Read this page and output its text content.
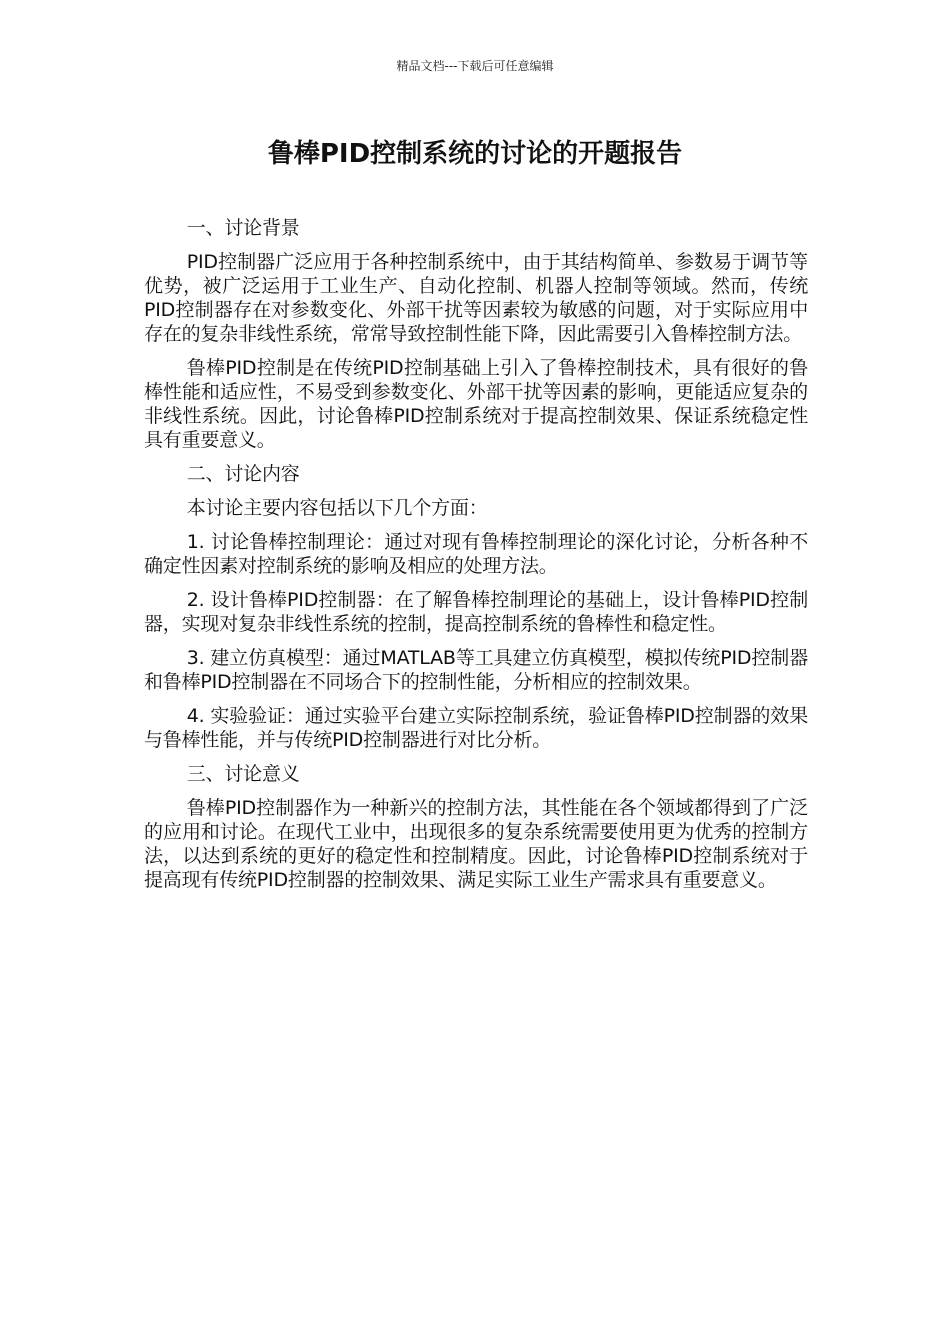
精品文档---下载后可任意编辑
鲁棒PID控制系统的讨论的开题报告

一、讨论背景

PID控制器广泛应用于各种控制系统中，由于其结构简单、参数易于调节等优势，被广泛运用于工业生产、自动化控制、机器人控制等领域。然而，传统PID控制器存在对参数变化、外部干扰等因素较为敏感的问题，对于实际应用中存在的复杂非线性系统，常常导致控制性能下降，因此需要引入鲁棒控制方法。

鲁棒PID控制是在传统PID控制基础上引入了鲁棒控制技术，具有很好的鲁棒性能和适应性，不易受到参数变化、外部干扰等因素的影响，更能适应复杂的非线性系统。因此，讨论鲁棒PID控制系统对于提高控制效果、保证系统稳定性具有重要意义。

二、讨论内容

本讨论主要内容包括以下几个方面：

1. 讨论鲁棒控制理论：通过对现有鲁棒控制理论的深化讨论，分析各种不确定性因素对控制系统的影响及相应的处理方法。

2. 设计鲁棒PID控制器：在了解鲁棒控制理论的基础上，设计鲁棒PID控制器，实现对复杂非线性系统的控制，提高控制系统的鲁棒性和稳定性。

3. 建立仿真模型：通过MATLAB等工具建立仿真模型，模拟传统PID控制器和鲁棒PID控制器在不同场合下的控制性能，分析相应的控制效果。

4. 实验验证：通过实验平台建立实际控制系统，验证鲁棒PID控制器的效果与鲁棒性能，并与传统PID控制器进行对比分析。

三、讨论意义

鲁棒PID控制器作为一种新兴的控制方法，其性能在各个领域都得到了广泛的应用和讨论。在现代工业中，出现很多的复杂系统需要使用更为优秀的控制方法，以达到系统的更好的稳定性和控制精度。因此，讨论鲁棒PID控制系统对于提高现有传统PID控制器的控制效果、满足实际工业生产需求具有重要意义。
